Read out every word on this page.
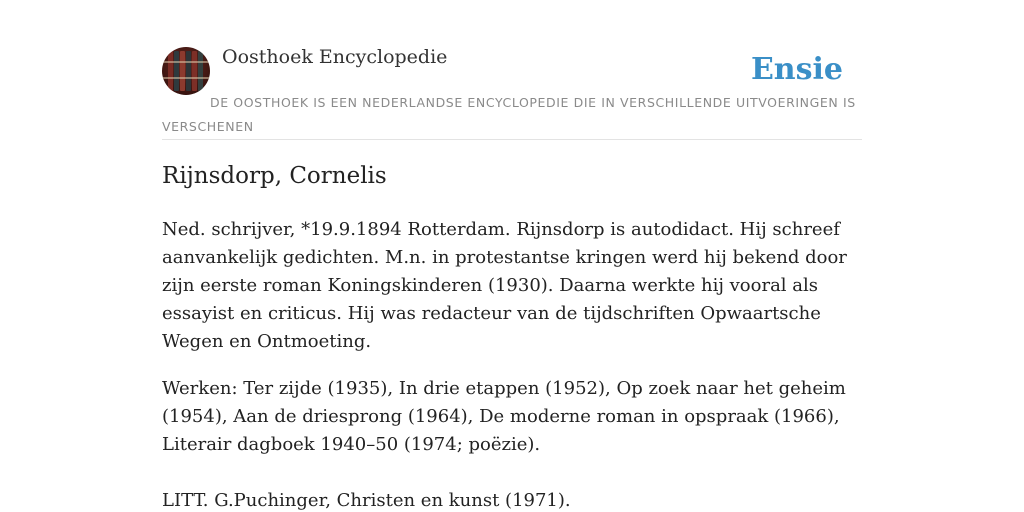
Oosthoek Encyclopedie	Ensie
DE OOSTHOEK IS EEN NEDERLANDSE ENCYCLOPEDIE DIE IN VERSCHILLENDE UITVOERINGEN IS VERSCHENEN
Rijnsdorp, Cornelis

Ned. schrijver, *19.9.1894 Rotterdam. Rijnsdorp is autodidact. Hij schreef aanvankelijk gedichten. M.n. in protestantse kringen werd hij bekend door zijn eerste roman Koningskinderen (1930). Daarna werkte hij vooral als essayist en criticus. Hij was redacteur van de tijdschriften Opwaartsche Wegen en Ontmoeting.

Werken: Ter zijde (1935), In drie etappen (1952), Op zoek naar het geheim (1954), Aan de driesprong (1964), De moderne roman in opspraak (1966), Literair dagboek 1940–50 (1974; poëzie).

LITT. G.Puchinger, Christen en kunst (1971).
